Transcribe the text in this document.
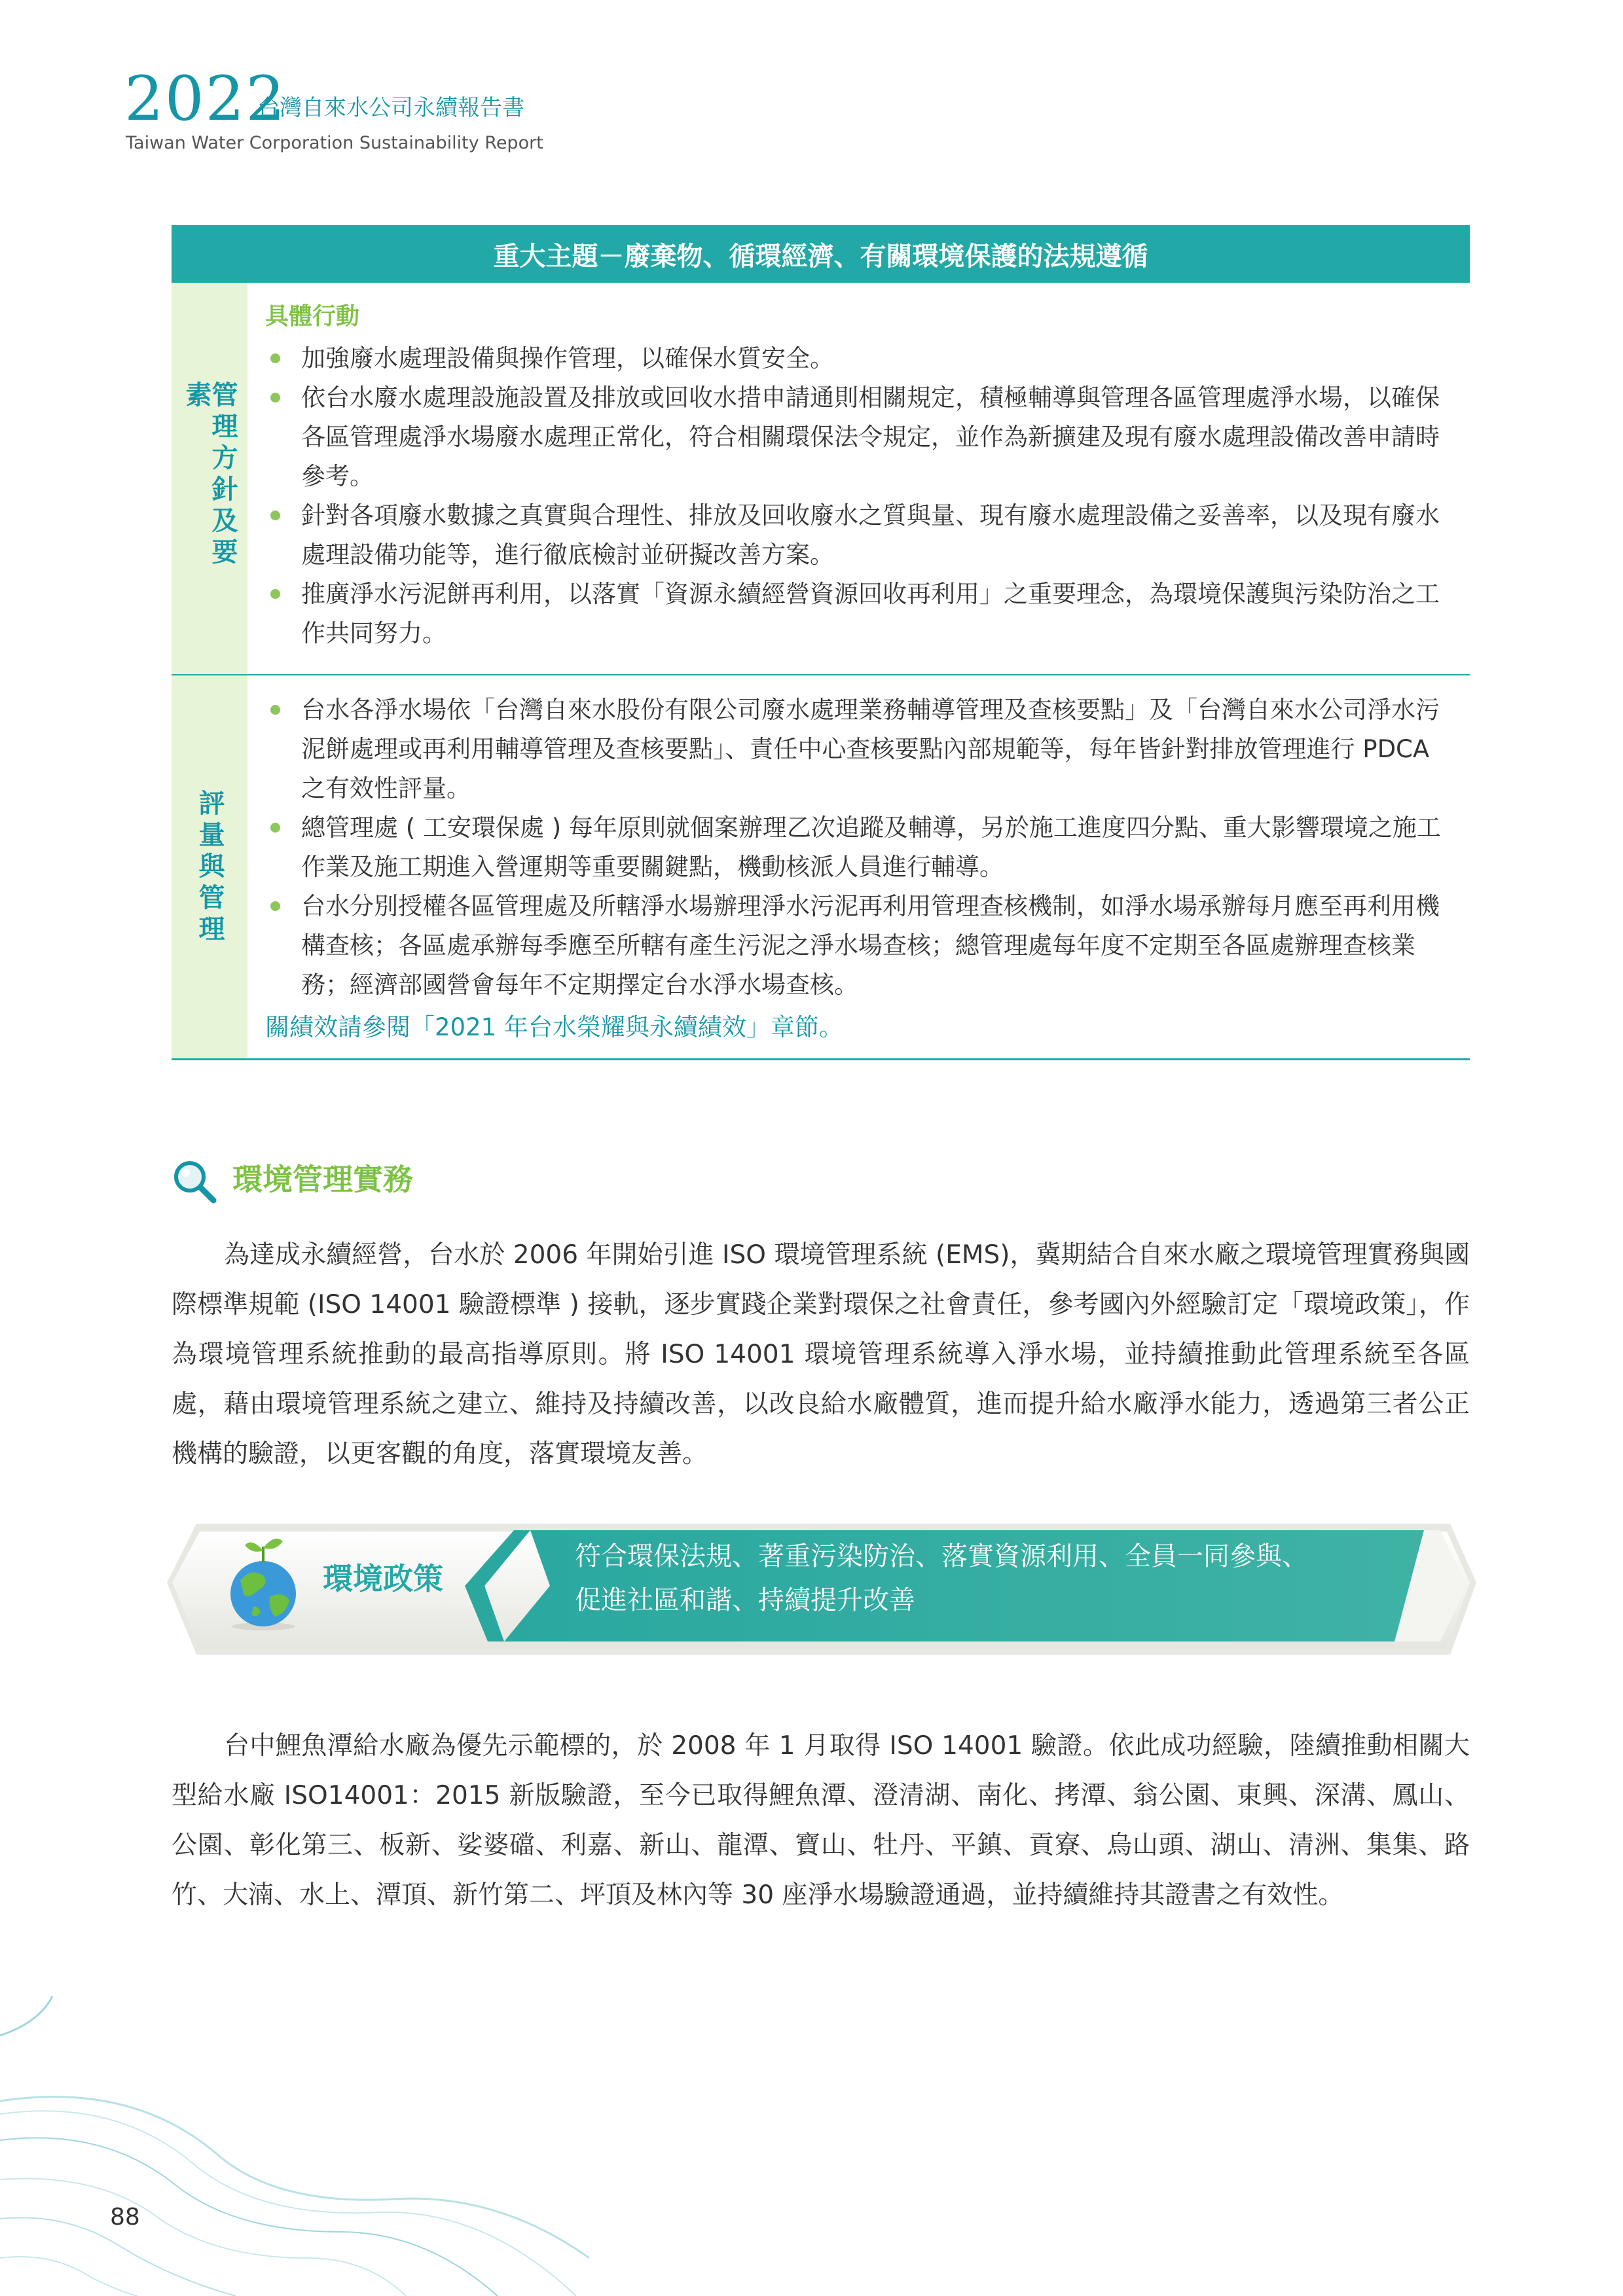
2022
台灣自來水公司永續報告書
Taiwan Water Corporation Sustainability Report
重大主題－廢棄物、循環經濟、有關環境保護的法規遵循
管理方針及要素
評量與管理
具體行動
加強廢水處理設備與操作管理，以確保水質安全。
依台水廢水處理設施設置及排放或回收水措申請通則相關規定，積極輔導與管理各區管理處淨水場，以確保各區管理處淨水場廢水處理正常化，符合相關環保法令規定，並作為新擴建及現有廢水處理設備改善申請時參考。
針對各項廢水數據之真實與合理性、排放及回收廢水之質與量、現有廢水處理設備之妥善率，以及現有廢水處理設備功能等，進行徹底檢討並研擬改善方案。
推廣淨水污泥餅再利用，以落實「資源永續經營資源回收再利用」之重要理念，為環境保護與污染防治之工作共同努力。
台水各淨水場依「台灣自來水股份有限公司廢水處理業務輔導管理及查核要點」及「台灣自來水公司淨水污泥餅處理或再利用輔導管理及查核要點」、責任中心查核要點內部規範等，每年皆針對排放管理進行 PDCA 之有效性評量。
總管理處 ( 工安環保處 ) 每年原則就個案辦理乙次追蹤及輔導，另於施工進度四分點、重大影響環境之施工作業及施工期進入營運期等重要關鍵點，機動核派人員進行輔導。
台水分別授權各區管理處及所轄淨水場辦理淨水污泥再利用管理查核機制，如淨水場承辦每月應至再利用機構查核；各區處承辦每季應至所轄有產生污泥之淨水場查核；總管理處每年度不定期至各區處辦理查核業務；經濟部國營會每年不定期擇定台水淨水場查核。
關績效請參閱「2021 年台水榮耀與永續績效」章節。
環境管理實務

為達成永續經營，台水於 2006 年開始引進 ISO 環境管理系統 (EMS)，冀期結合自來水廠之環境管理實務與國際標準規範 (ISO 14001 驗證標準 ) 接軌，逐步實踐企業對環保之社會責任，參考國內外經驗訂定「環境政策」，作為環境管理系統推動的最高指導原則。將 ISO 14001 環境管理系統導入淨水場，並持續推動此管理系統至各區處，藉由環境管理系統之建立、維持及持續改善，以改良給水廠體質，進而提升給水廠淨水能力，透過第三者公正機構的驗證，以更客觀的角度，落實環境友善。

環境政策
符合環保法規、著重污染防治、落實資源利用、全員一同參與、
促進社區和諧、持續提升改善

台中鯉魚潭給水廠為優先示範標的，於 2008 年 1 月取得 ISO 14001 驗證。依此成功經驗，陸續推動相關大型給水廠 ISO14001：2015 新版驗證，至今已取得鯉魚潭、澄清湖、南化、拷潭、翁公園、東興、深溝、鳳山、公園、彰化第三、板新、娑婆礑、利嘉、新山、龍潭、寶山、牡丹、平鎮、貢寮、烏山頭、湖山、清洲、集集、路竹、大湳、水上、潭頂、新竹第二、坪頂及林內等 30 座淨水場驗證通過，並持續維持其證書之有效性。

88
